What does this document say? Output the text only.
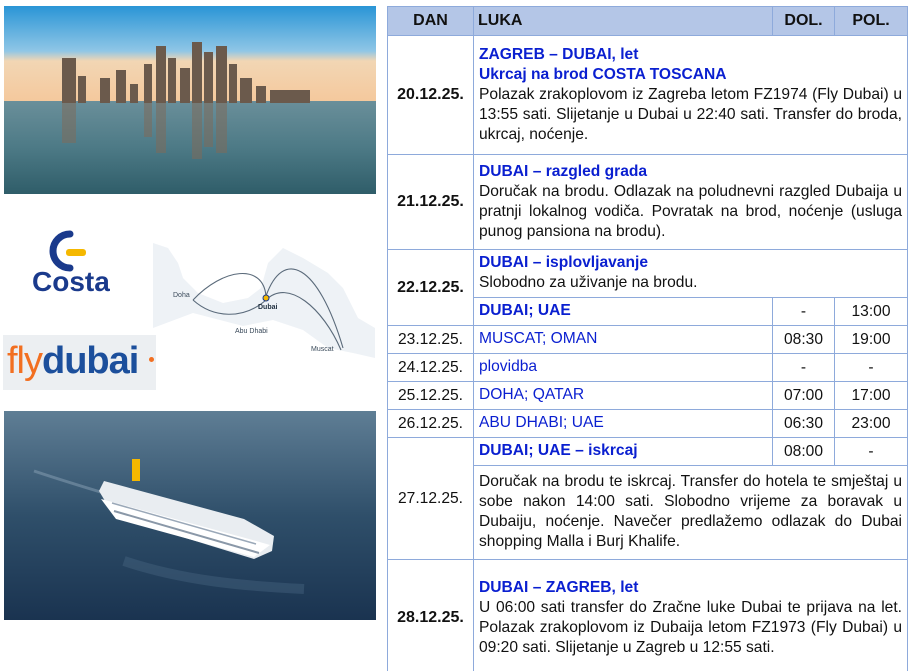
Costa	Doha
Dubai
Abu Dhabi
Muscat
flydubai
DAN	LUKA	DOL.	POL.
20.12.25.	ZAGREB – DUBAI, let
Ukrcaj na brod COSTA TOSCANA
Polazak zrakoplovom iz Zagreba letom FZ1974 (Fly Dubai) u 13:55 sati. Slijetanje u Dubai u 22:40 sati. Transfer do broda, ukrcaj, noćenje.		

21.12.25.	DUBAI – razgled grada
Doručak na brodu. Odlazak na poludnevni razgled Dubaija u pratnji lokalnog vodiča. Povratak na brod, noćenje (usluga punog pansiona na brodu).		

22.12.25.	DUBAI – isplovljavanje
Slobodno za uživanje na brodu.		

	DUBAI; UAE	-	13:00
23.12.25.	MUSCAT; OMAN	08:30	19:00
24.12.25.	plovidba	-	-
25.12.25.	DOHA; QATAR	07:00	17:00
26.12.25.	ABU DHABI; UAE	06:30	23:00
27.12.25.	DUBAI; UAE – iskrcaj	08:00	-
	Doručak na brodu te iskrcaj. Transfer do hotela te smještaj u sobe nakon 14:00 sati. Slobodno vrijeme za boravak u Dubaiju, noćenje. Navečer predlažemo odlazak do Dubai shopping Malla i Burj Khalife.		
28.12.25.	DUBAI – ZAGREB, let
U 06:00 sati transfer do Zračne luke Dubai te prijava na let. Polazak zrakoplovom iz Dubaija letom FZ1973 (Fly Dubai) u 09:20 sati. Slijetanje u Zagreb u 12:55 sati.		
